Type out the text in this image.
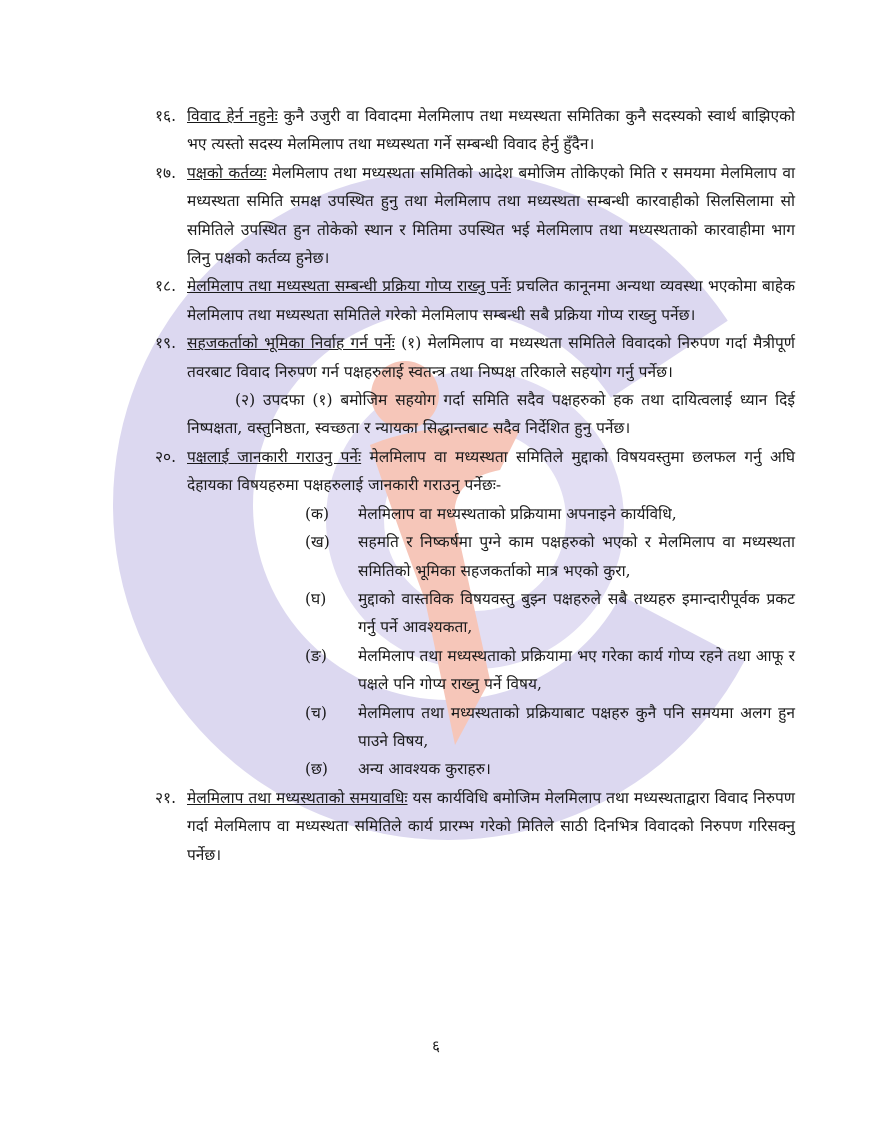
१६. विवाद हेर्न नहुनेः कुनै उजुरी वा विवादमा मेलमिलाप तथा मध्यस्थता समितिका कुनै सदस्यको स्वार्थ बाझिएको भए त्यस्तो सदस्य मेलमिलाप तथा मध्यस्थता गर्ने सम्बन्धी विवाद हेर्नु हुँदैन।
१७. पक्षको कर्तव्यः मेलमिलाप तथा मध्यस्थता समितिको आदेश बमोजिम तोकिएको मिति र समयमा मेलमिलाप वा मध्यस्थता समिति समक्ष उपस्थित हुनु तथा मेलमिलाप तथा मध्यस्थता सम्बन्धी कारवाहीको सिलसिलामा सो समितिले उपस्थित हुन तोकेको स्थान र मितिमा उपस्थित भई मेलमिलाप तथा मध्यस्थताको कारवाहीमा भाग लिनु पक्षको कर्तव्य हुनेछ।
१८. मेलमिलाप तथा मध्यस्थता सम्बन्धी प्रक्रिया गोप्य राख्नु पर्नेः प्रचलित कानूनमा अन्यथा व्यवस्था भएकोमा बाहेक मेलमिलाप तथा मध्यस्थता समितिले गरेको मेलमिलाप सम्बन्धी सबै प्रक्रिया गोप्य राख्नु पर्नेछ।
१९. सहजकर्ताको भूमिका निर्वाह गर्न पर्नेः (१) मेलमिलाप वा मध्यस्थता समितिले विवादको निरुपण गर्दा मैत्रीपूर्ण तवरबाट विवाद निरुपण गर्न पक्षहरुलाई स्वतन्त्र तथा निष्पक्ष तरिकाले सहयोग गर्नु पर्नेछ।
(२) उपदफा (१) बमोजिम सहयोग गर्दा समिति सदैव पक्षहरुको हक तथा दायित्वलाई ध्यान दिई निष्पक्षता, वस्तुनिष्ठता, स्वच्छता र न्यायका सिद्धान्तबाट सदैव निर्देशित हुनु पर्नेछ।
२०. पक्षलाई जानकारी गराउनु पर्नेः मेलमिलाप वा मध्यस्थता समितिले मुद्दाको विषयवस्तुमा छलफल गर्नु अघि देहायका विषयहरुमा पक्षहरुलाई जानकारी गराउनु पर्नेछः-
(क) मेलमिलाप वा मध्यस्थताको प्रक्रियामा अपनाइने कार्यविधि,
(ख) सहमति र निष्कर्षमा पुग्ने काम पक्षहरुको भएको र मेलमिलाप वा मध्यस्थता समितिको भूमिका सहजकर्ताको मात्र भएको कुरा,
(घ) मुद्दाको वास्तविक विषयवस्तु बुझ्न पक्षहरुले सबै तथ्यहरु इमान्दारीपूर्वक प्रकट गर्नु पर्ने आवश्यकता,
(ङ) मेलमिलाप तथा मध्यस्थताको प्रक्रियामा भए गरेका कार्य गोप्य रहने तथा आफू र पक्षले पनि गोप्य राख्नु पर्ने विषय,
(च) मेलमिलाप तथा मध्यस्थताको प्रक्रियाबाट पक्षहरु कुनै पनि समयमा अलग हुन पाउने विषय,
(छ) अन्य आवश्यक कुराहरु।
२१. मेलमिलाप तथा मध्यस्थताको समयावधिः यस कार्यविधि बमोजिम मेलमिलाप तथा मध्यस्थताद्वारा विवाद निरुपण गर्दा मेलमिलाप वा मध्यस्थता समितिले कार्य प्रारम्भ गरेको मितिले साठी दिनभित्र विवादको निरुपण गरिसक्नु पर्नेछ।
६
